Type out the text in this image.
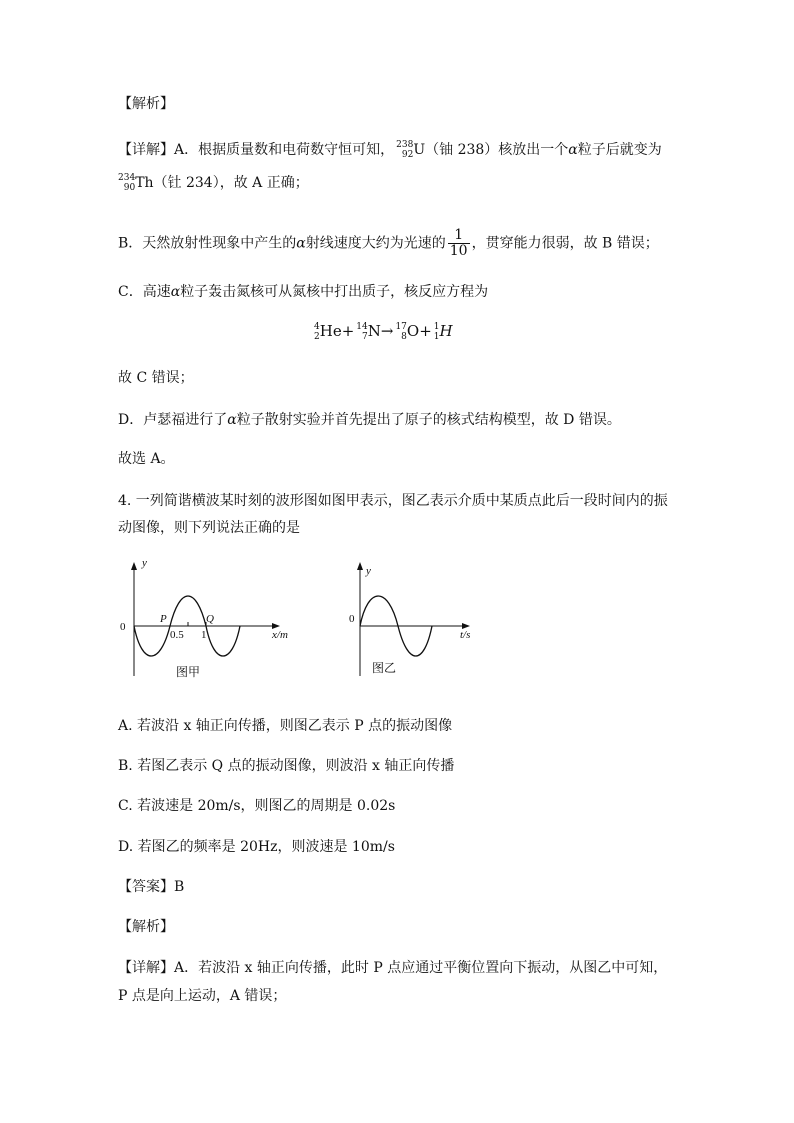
【解析】
【详解】A．根据质量数和电荷数守恒可知， 238
92 U（铀 238）核放出一个α粒子后就变为
234
90 Th（钍 234），故 A 正确；
B．天然放射性现象中产生的α射线速度大约为光速的 $\frac{1}{10}$ ，贯穿能力很弱，故 B 错误；
C．高速α粒子轰击氮核可从氮核中打出质子，核反应方程为
4
2 He+ 14
7 N→ 17
8 O+ 1
1 H
故 C 错误；
D．卢瑟福进行了α粒子散射实验并首先提出了原子的核式结构模型，故 D 错误。
故选 A。
4. 一列简谐横波某时刻的波形图如图甲表示，图乙表示介质中某质点此后一段时间内的振
动图像，则下列说法正确的是
y
0
P	Q
0.5 1	x/m
图甲
y
0
t/s
图乙
A. 若波沿 x 轴正向传播，则图乙表示 P 点的振动图像
B. 若图乙表示 Q 点的振动图像，则波沿 x 轴正向传播
C. 若波速是 20m/s，则图乙的周期是 0.02s
D. 若图乙的频率是 20Hz，则波速是 10m/s
【答案】B
【解析】
【详解】A．若波沿 x 轴正向传播，此时 P 点应通过平衡位置向下振动，从图乙中可知，
P 点是向上运动，A 错误；
